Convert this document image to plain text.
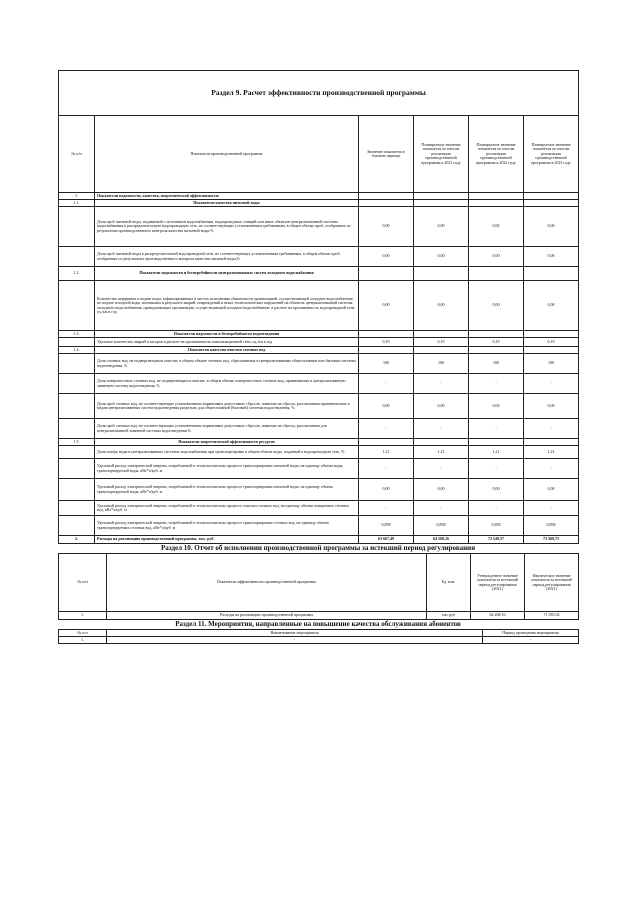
Раздел 9. Расчет эффективности производственной программы					
№ п/п	Показатели производственной программы	Значение показателя в базовом периоде	Планируемое значение показателя по итогам реализации производственной программы в 2021 году	Планируемое значение показателя по итогам реализации производственной программы в 2022 году	Планируемое значение показателя по итогам реализации производственной программы в 2023 году
1.	Показатели надежности, качества, энергетической эффективности:				
1.1.	Показатели качества питьевой воды				
	Доля проб питьевой воды, подаваемой с источников водоснабжения, водопроводных станций или иных объектов централизованной системы водоснабжения в распределительную водопроводную сеть, не соответствующих установленным требованиям, в общем объеме проб, отобранных по результатам производственного контроля качества питьевой воды,%	0,00	0,00	0,00	0,00
	Доля проб питьевой воды в распределительной водопроводной сети, не соответствующих установленным требованиям, в общем объеме проб, отобранных по результатам производственного контроля качества питьевой воды,%	0,00	0,00	0,00	0,00
1.2.	Показатели надежности и бесперебойности централизованных систем холодного водоснабжения				
	Количество перерывов в подаче воды, зафиксированных в местах исполнения обязательств организацией, осуществляющей холодное водоснабжение, по подаче холодной воды, возникших в результате аварий, повреждений и иных технологических нарушений на объектах централизованной системы холодного водоснабжения, принадлежащих организации, осуществляющей холодное водоснабжение, в расчете на протяженность водопроводной сети, ед./км в год	0,00	0,00	0,00	0,00
1.3.	Показатели надежности и бесперебойности водоотведения				
	Удельное количество аварий и засоров в расчете на протяженность канализационной сети, ед./км в год	0,19	0,19	0,19	0,19
1.4.	Показатели качества очистки сточных вод				
	Доля сточных вод, не подвергающихся очистке, в общем объеме сточных вод, сбрасываемых в централизованные общесплавные или бытовые системы водоотведения, %	100	100	100	100
	Доля поверхностных сточных вод, не подвергающихся очистке, в общем объеме поверхностных сточных вод, принимаемых в централизованную ливневую систему водоотведения, %	-	-	-	-
	Доля проб сточных вод, не соответствующих установленным нормативам допустимых сбросов, лимитам на сбросы, рассчитанная применительно к видам централизованных систем водоотведения раздельно для общесплавной (бытовой) системы водоотведения, %	0,00	0,00	0,00	0,00
	Доля проб сточных вод, не соответствующих установленным нормативам допустимых сбросов, лимитам на сбросы, рассчитанная для централизованной ливневой системы водоотведения,%	-	-	-	-
1.5.	Показатели энергетической эффективности ресурсов				
	Доля потерь воды в централизованных системах водоснабжения при транспортировке в общем объеме воды, поданной в водопроводную сеть, %	1,21	1,21	1,21	1,21
	Удельный расход электрической энергии, потребляемой в технологическом процессе транспортировки питьевой воды, на единицу объема воды, транспортируемой воды, кВт*ч/куб. м	-	-	-	-
	Удельный расход электрической энергии, потребляемой в технологическом процессе транспортировки питьевой воды, на единицу объема транспортируемой воды, кВт*ч/куб. м	0,00	0,00	0,00	0,00
	Удельный расход электрической энергии, потребляемой в технологическом процессе очистки сточных вод, на единицу объема очищаемых сточных вод, кВт*ч/куб. м	-	-	-	-
	Удельный расход электрической энергии, потребляемой в технологическом процессе транспортировки сточных вод, на единицу объема транспортируемых сточных вод, кВт*ч/куб. м	0,858	0,858	0,858	0,858
2.	Расходы на реализацию производственной программы, тыс. руб.	63 667,49	64 268,16	72 549,57	73 369,75

Раздел 10. Отчет об исполнении производственной программы за истекший период регулирования

№ п/п	Показатели эффективности производственной программы	Ед. изм.	Утвержденное значение показателя за истекший период регулирования (2021)	Фактическое значение показателя за истекший период регулирования (2021)
1.	Расходы на реализацию производственной программы	тыс.руб	64 268,16	71 585,04

Раздел 11. Мероприятия, направленные на повышение качества обслуживания абонентов

№ п/п	Наименование мероприятия	Период проведения мероприятия
1.	-	-
